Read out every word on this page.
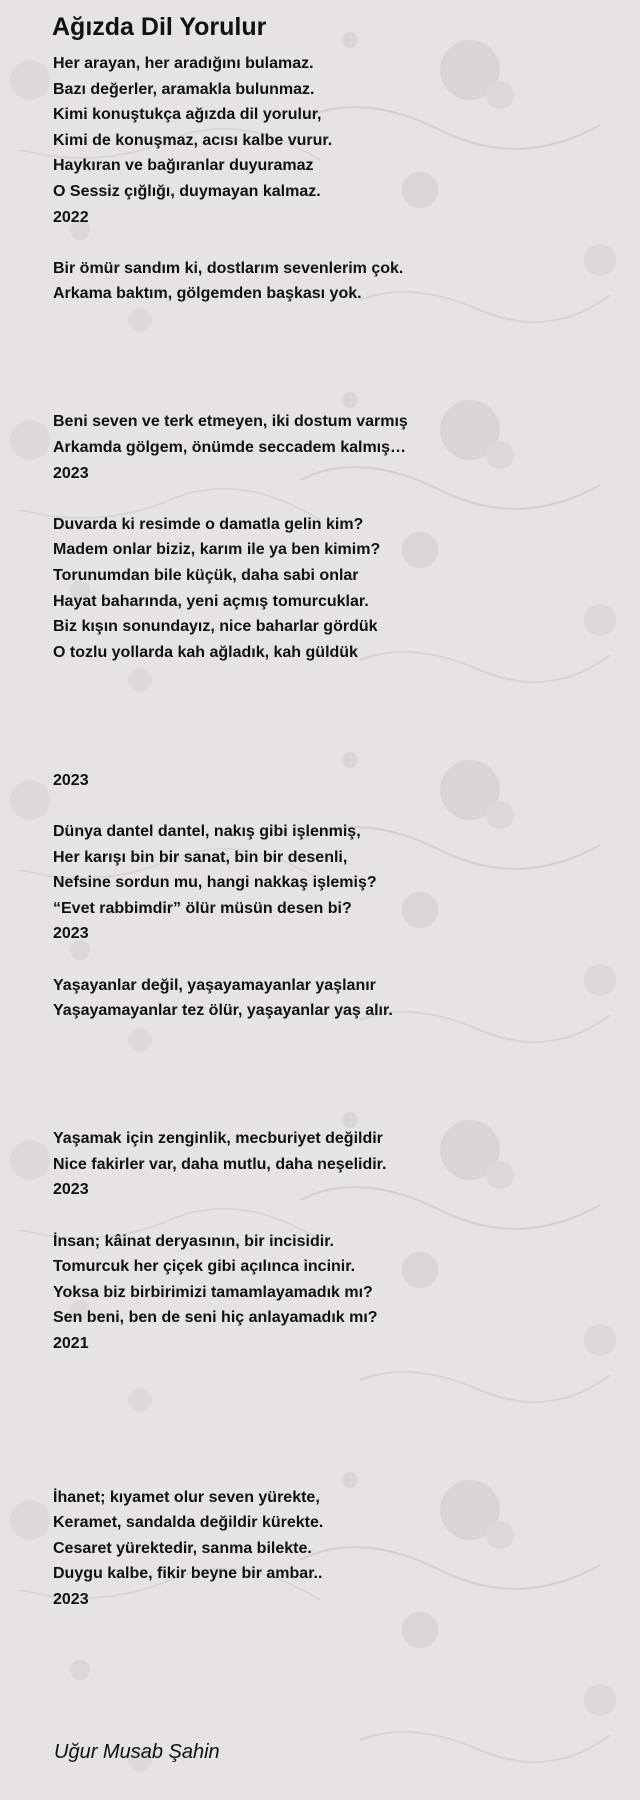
Ağızda Dil Yorulur
Her arayan, her aradığını bulamaz.
Bazı değerler, aramakla bulunmaz.
Kimi konuştukça ağızda dil yorulur,
Kimi de konuşmaz, acısı kalbe vurur.
Haykıran ve bağıranlar duyuramaz
O Sessiz çığlığı, duymayan kalmaz.
2022
Bir ömür sandım ki, dostlarım sevenlerim çok.
Arkama baktım, gölgemden başkası yok.
Beni seven ve terk etmeyen, iki dostum varmış
Arkamda gölgem, önümde seccadem kalmış…
2023
Duvarda ki resimde o damatla gelin kim?
Madem onlar biziz, karım ile ya ben kimim?
Torunumdan bile küçük, daha sabi onlar
Hayat baharında, yeni açmış tomurcuklar.
Biz kışın sonundayız, nice baharlar gördük
O tozlu yollarda kah ağladık, kah güldük
2023
Dünya dantel dantel, nakış gibi işlenmiş,
Her karışı bin bir sanat, bin bir desenli,
Nefsine sordun mu, hangi nakkaş işlemiş?
“Evet rabbimdir” ölür müsün desen bi?
2023
Yaşayanlar değil, yaşayamayanlar yaşlanır
Yaşayamayanlar tez ölür, yaşayanlar yaş alır.
Yaşamak için zenginlik, mecburiyet değildir
Nice fakirler var, daha mutlu, daha neşelidir.
2023
İnsan; kâinat deryasının, bir incisidir.
Tomurcuk her çiçek gibi açılınca incinir.
Yoksa biz birbirimizi tamamlayamadık mı?
Sen beni, ben de seni hiç anlayamadık mı?
2021
İhanet; kıyamet olur seven yürekte,
Keramet, sandalda değildir kürekte.
Cesaret yürektedir, sanma bilekte.
Duygu kalbe, fikir beyne bir ambar..
2023
Uğur Musab Şahin
